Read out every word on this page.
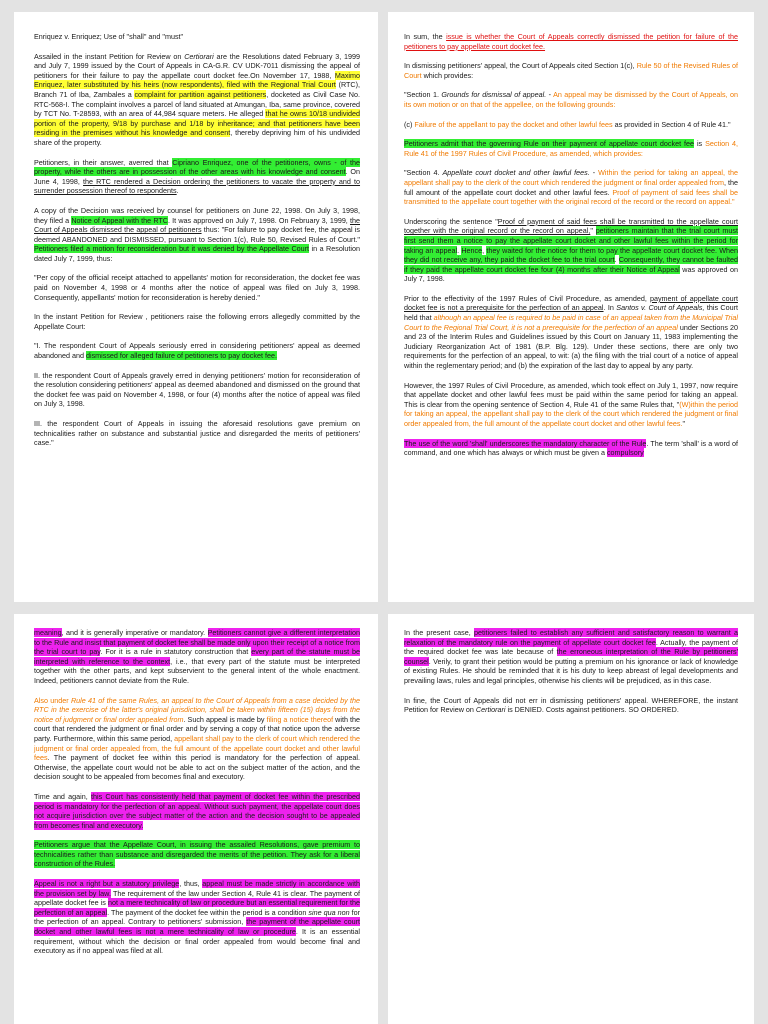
Enriquez v. Enriquez; Use of "shall" and "must"

Assailed in the instant Petition for Review on Certiorari are the Resolutions dated February 3, 1999 and July 7, 1999 issued by the Court of Appeals in CA-G.R. CV UDK-7011 dismissing the appeal of petitioners for their failure to pay the appellate court docket fee.On November 17, 1988, Maximo Enriquez, later substituted by his heirs (now respondents), filed with the Regional Trial Court (RTC), Branch 71 of Iba, Zambales a complaint for partition against petitioners, docketed as Civil Case No. RTC-568-I. The complaint involves a parcel of land situated at Amungan, Iba, same province, covered by TCT No. T-28593, with an area of 44,984 square meters. He alleged that he owns 10/18 undivided portion of the property, 9/18 by purchase and 1/18 by inheritance; and that petitioners have been residing in the premises without his knowledge and consent, thereby depriving him of his undivided share of the property.

Petitioners, in their answer, averred that Cipriano Enriquez, one of the petitioners, owns - of the property, while the others are in possession of the other areas with his knowledge and consent. On June 4, 1998, the RTC rendered a Decision ordering the petitioners to vacate the property and to surrender possession thereof to respondents.

A copy of the Decision was received by counsel for petitioners on June 22, 1998. On July 3, 1998, they filed a Notice of Appeal with the RTC. It was approved on July 7, 1998. On February 3, 1999, the Court of Appeals dismissed the appeal of petitioners thus: "For failure to pay docket fee, the appeal is deemed ABANDONED and DISMISSED, pursuant to Section 1(c), Rule 50, Revised Rules of Court." Petitioners filed a motion for reconsideration but it was denied by the Appellate Court in a Resolution dated July 7, 1999, thus:

"Per copy of the official receipt attached to appellants' motion for reconsideration, the docket fee was paid on November 4, 1998 or 4 months after the notice of appeal was filed on July 3, 1998. Consequently, appellants' motion for reconsideration is hereby denied."

In the instant Petition for Review , petitioners raise the following errors allegedly committed by the Appellate Court:

"I. The respondent Court of Appeals seriously erred in considering petitioners' appeal as deemed abandoned and dismissed for alleged failure of petitioners to pay docket fee.

II. the respondent Court of Appeals gravely erred in denying petitioners' motion for reconsideration of the resolution considering petitioners' appeal as deemed abandoned and dismissed on the ground that the docket fee was paid on November 4, 1998, or four (4) months after the notice of appeal was filed on July 3, 1998.

III. the respondent Court of Appeals in issuing the aforesaid resolutions gave premium on technicalities rather on substance and substantial justice and disregarded the merits of petitioners' case."

In sum, the issue is whether the Court of Appeals correctly dismissed the petition for failure of the petitioners to pay appellate court docket fee.

In dismissing petitioners' appeal, the Court of Appeals cited Section 1(c), Rule 50 of the Revised Rules of Court which provides:

"Section 1. Grounds for dismissal of appeal. - An appeal may be dismissed by the Court of Appeals, on its own motion or on that of the appellee, on the following grounds:

(c) Failure of the appellant to pay the docket and other lawful fees as provided in Section 4 of Rule 41."

Petitioners admit that the governing Rule on their payment of appellate court docket fee is Section 4, Rule 41 of the 1997 Rules of Civil Procedure, as amended, which provides:

"Section 4. Appellate court docket and other lawful fees. - Within the period for taking an appeal, the appellant shall pay to the clerk of the court which rendered the judgment or final order appealed from, the full amount of the appellate court docket and other lawful fees. Proof of payment of said fees shall be transmitted to the appellate court together with the original record of the record or the record on appeal."

Underscoring the sentence "Proof of payment of said fees shall be transmitted to the appellate court together with the original record or the record on appeal," petitioners maintain that the trial court must first send them a notice to pay the appellate court docket and other lawful fees within the period for taking an appeal. Hence, they waited for the notice for them to pay the appellate court docket fee. When they did not receive any, they paid the docket fee to the trial court. Consequently, they cannot be faulted if they paid the appellate court docket fee four (4) months after their Notice of Appeal was approved on July 7, 1998.

Prior to the effectivity of the 1997 Rules of Civil Procedure, as amended, payment of appellate court docket fee is not a prerequisite for the perfection of an appeal. In Santos v. Court of Appeals, this Court held that although an appeal fee is required to be paid in case of an appeal taken from the Municipal Trial Court to the Regional Trial Court, it is not a prerequisite for the perfection of an appeal under Sections 20 and 23 of the Interim Rules and Guidelines issued by this Court on January 11, 1983 implementing the Judiciary Reorganization Act of 1981 (B.P. Blg. 129). Under these sections, there are only two requirements for the perfection of an appeal, to wit: (a) the filing with the trial court of a notice of appeal within the reglementary period; and (b) the expiration of the last day to appeal by any party.

However, the 1997 Rules of Civil Procedure, as amended, which took effect on July 1, 1997, now require that appellate docket and other lawful fees must be paid within the same period for taking an appeal. This is clear from the opening sentence of Section 4, Rule 41 of the same Rules that, "(W)ithin the period for taking an appeal, the appellant shall pay to the clerk of the court which rendered the judgment or final order appealed from, the full amount of the appellate court docket and other lawful fees."

The use of the word 'shall' underscores the mandatory character of the Rule. The term 'shall' is a word of command, and one which has always or which must be given a compulsory

meaning, and it is generally imperative or mandatory. Petitioners cannot give a different interpretation to the Rule and insist that payment of docket fee shall be made only upon their receipt of a notice from the trial court to pay. For it is a rule in statutory construction that every part of the statute must be interpreted with reference to the context, i.e., that every part of the statute must be interpreted together with the other parts, and kept subservient to the general intent of the whole enactment. Indeed, petitioners cannot deviate from the Rule.

Also under Rule 41 of the same Rules, an appeal to the Court of Appeals from a case decided by the RTC in the exercise of the latter's original jurisdiction, shall be taken within fifteen (15) days from the notice of judgment or final order appealed from. Such appeal is made by filing a notice thereof with the court that rendered the judgment or final order and by serving a copy of that notice upon the adverse party. Furthermore, within this same period, appellant shall pay to the clerk of court which rendered the judgment or final order appealed from, the full amount of the appellate court docket and other lawful fees. The payment of docket fee within this period is mandatory for the perfection of appeal. Otherwise, the appellate court would not be able to act on the subject matter of the action, and the decision sought to be appealed from becomes final and executory.

Time and again, this Court has consistently held that payment of docket fee within the prescribed period is mandatory for the perfection of an appeal. Without such payment, the appellate court does not acquire jurisdiction over the subject matter of the action and the decision sought to be appealed from becomes final and executory.

Petitioners argue that the Appellate Court, in issuing the assailed Resolutions, gave premium to technicalities rather than substance and disregarded the merits of the petition. They ask for a liberal construction of the Rules.

Appeal is not a right but a statutory privilege, thus, appeal must be made strictly in accordance with the provision set by law. The requirement of the law under Section 4, Rule 41 is clear. The payment of appellate docket fee is not a mere technicality of law or procedure but an essential requirement for the perfection of an appeal. The payment of the docket fee within the period is a condition sine qua non for the perfection of an appeal. Contrary to petitioners' submission, the payment of the appellate court docket and other lawful fees is not a mere technicality of law or procedure. It is an essential requirement, without which the decision or final order appealed from would become final and executory as if no appeal was filed at all.

In the present case, petitioners failed to establish any sufficient and satisfactory reason to warrant a relaxation of the mandatory rule on the payment of appellate court docket fee. Actually, the payment of the required docket fee was late because of the erroneous interpretation of the Rule by petitioners' counsel. Verily, to grant their petition would be putting a premium on his ignorance or lack of knowledge of existing Rules. He should be reminded that it is his duty to keep abreast of legal developments and prevailing laws, rules and legal principles, otherwise his clients will be prejudiced, as in this case.

In fine, the Court of Appeals did not err in dismissing petitioners' appeal. WHEREFORE, the instant Petition for Review on Certiorari is DENIED. Costs against petitioners. SO ORDERED.
